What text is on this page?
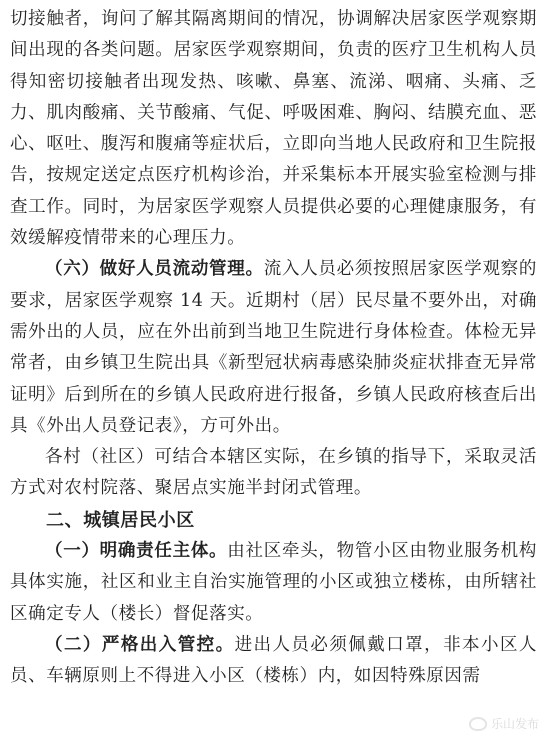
切接触者，询问了解其隔离期间的情况，协调解决居家医学观察期间出现的各类问题。居家医学观察期间，负责的医疗卫生机构人员得知密切接触者出现发热、咳嗽、鼻塞、流涕、咽痛、头痛、乏力、肌肉酸痛、关节酸痛、气促、呼吸困难、胸闷、结膜充血、恶心、呕吐、腹泻和腹痛等症状后，立即向当地人民政府和卫生院报告，按规定送定点医疗机构诊治，并采集标本开展实验室检测与排查工作。同时，为居家医学观察人员提供必要的心理健康服务，有效缓解疫情带来的心理压力。

（六）做好人员流动管理。流入人员必须按照居家医学观察的要求，居家医学观察 14 天。近期村（居）民尽量不要外出，对确需外出的人员，应在外出前到当地卫生院进行身体检查。体检无异常者，由乡镇卫生院出具《新型冠状病毒感染肺炎症状排查无异常证明》后到所在的乡镇人民政府进行报备，乡镇人民政府核查后出具《外出人员登记表》，方可外出。

各村（社区）可结合本辖区实际，在乡镇的指导下，采取灵活方式对农村院落、聚居点实施半封闭式管理。

二、城镇居民小区

（一）明确责任主体。由社区牵头，物管小区由物业服务机构具体实施，社区和业主自治实施管理的小区或独立楼栋，由所辖社区确定专人（楼长）督促落实。

（二）严格出入管控。进出人员必须佩戴口罩，非本小区人员、车辆原则上不得进入小区（楼栋）内，如因特殊原因需

乐山发布
